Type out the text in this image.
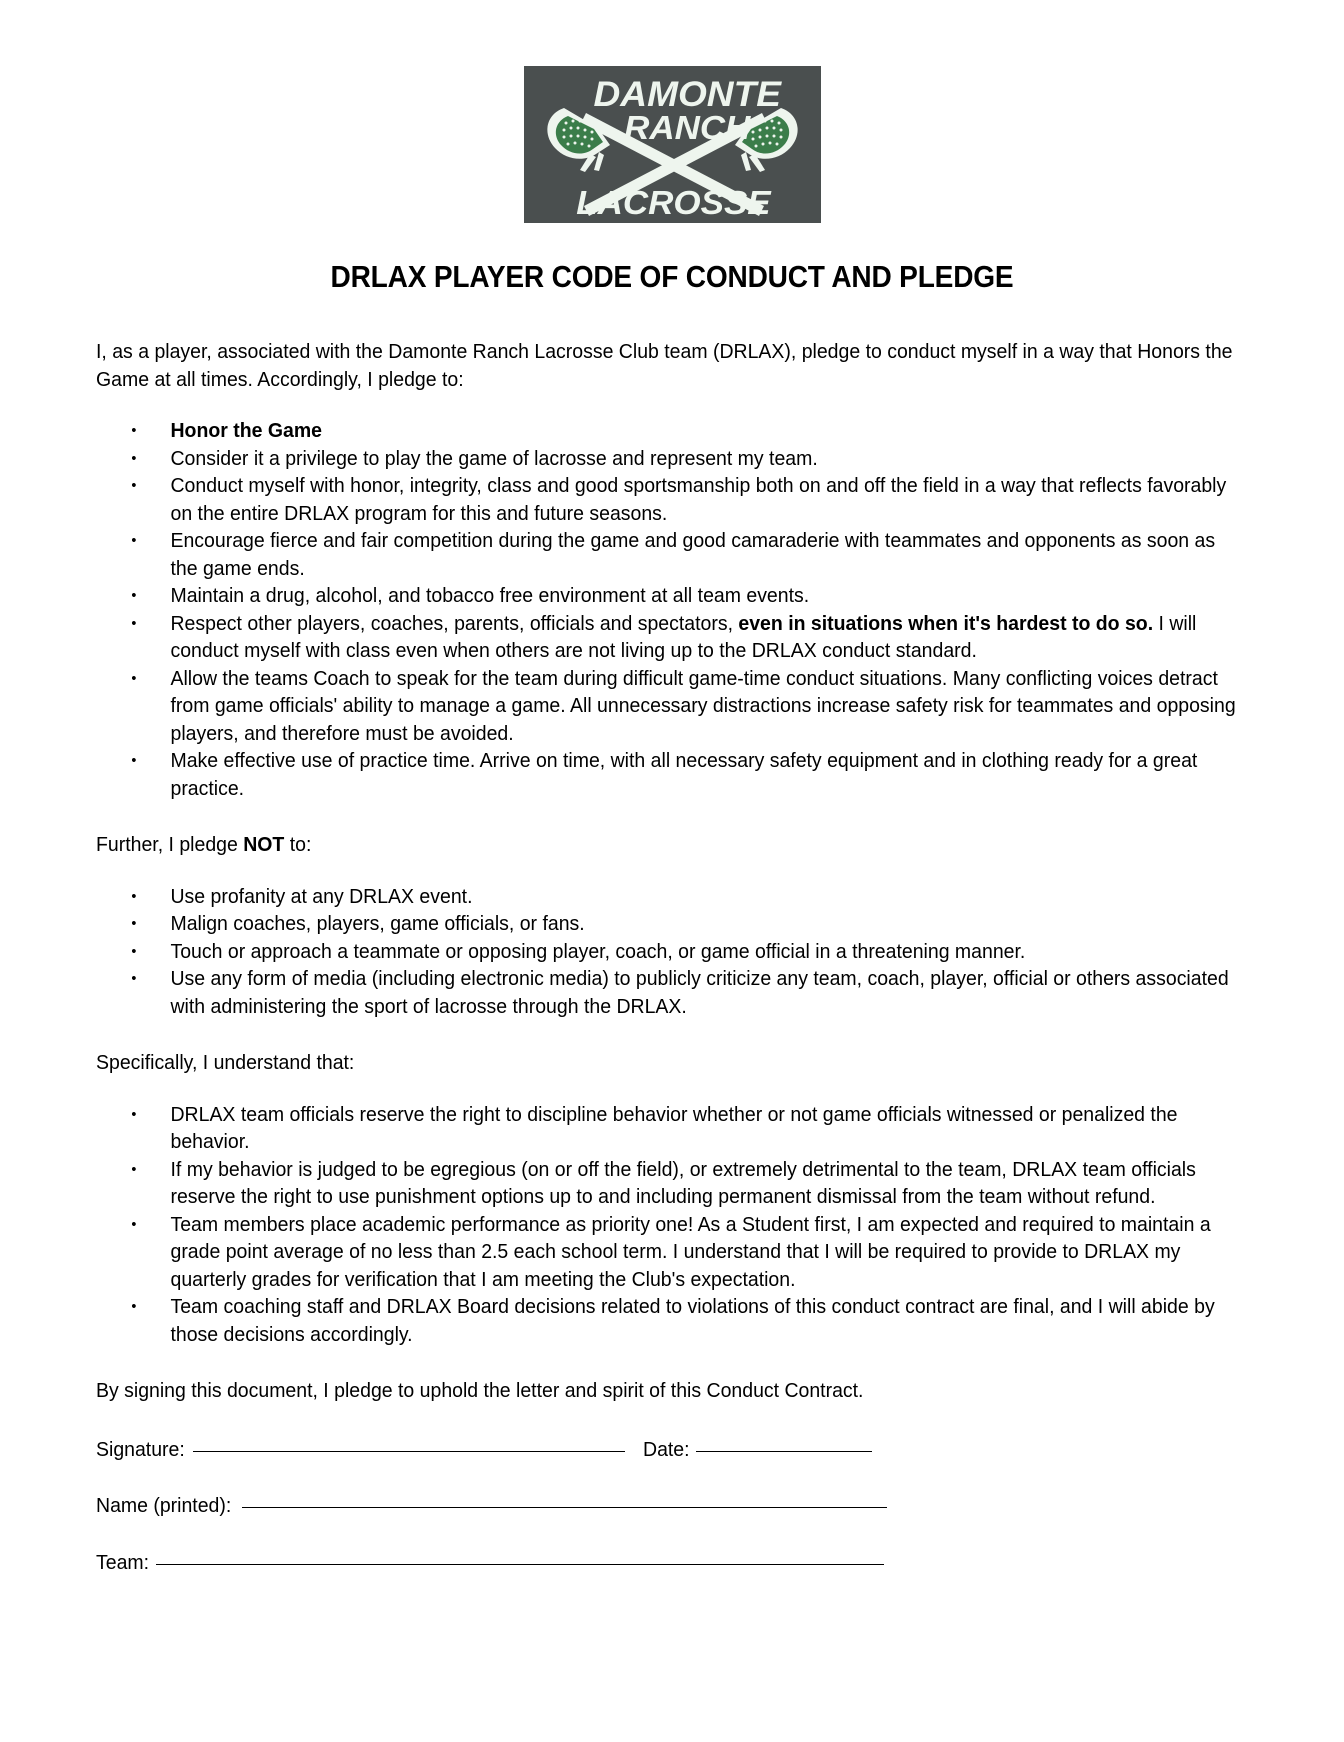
DAMONTE
RANCH
LACROSSE
DRLAX PLAYER CODE OF CONDUCT AND PLEDGE

I, as a player, associated with the Damonte Ranch Lacrosse Club team (DRLAX), pledge to conduct myself in a way that Honors the Game at all times. Accordingly, I pledge to:

• Honor the Game
• Consider it a privilege to play the game of lacrosse and represent my team.
• Conduct myself with honor, integrity, class and good sportsmanship both on and off the field in a way that reflects favorably on the entire DRLAX program for this and future seasons.
• Encourage fierce and fair competition during the game and good camaraderie with teammates and opponents as soon as the game ends.
• Maintain a drug, alcohol, and tobacco free environment at all team events.
• Respect other players, coaches, parents, officials and spectators, even in situations when it's hardest to do so. I will conduct myself with class even when others are not living up to the DRLAX conduct standard.
• Allow the teams Coach to speak for the team during difficult game-time conduct situations. Many conflicting voices detract from game officials' ability to manage a game. All unnecessary distractions increase safety risk for teammates and opposing players, and therefore must be avoided.
• Make effective use of practice time. Arrive on time, with all necessary safety equipment and in clothing ready for a great practice.

Further, I pledge NOT to:

• Use profanity at any DRLAX event.
• Malign coaches, players, game officials, or fans.
• Touch or approach a teammate or opposing player, coach, or game official in a threatening manner.
• Use any form of media (including electronic media) to publicly criticize any team, coach, player, official or others associated with administering the sport of lacrosse through the DRLAX.

Specifically, I understand that:

• DRLAX team officials reserve the right to discipline behavior whether or not game officials witnessed or penalized the behavior.
• If my behavior is judged to be egregious (on or off the field), or extremely detrimental to the team, DRLAX team officials reserve the right to use punishment options up to and including permanent dismissal from the team without refund.
• Team members place academic performance as priority one! As a Student first, I am expected and required to maintain a grade point average of no less than 2.5 each school term. I understand that I will be required to provide to DRLAX my quarterly grades for verification that I am meeting the Club's expectation.
• Team coaching staff and DRLAX Board decisions related to violations of this conduct contract are final, and I will abide by those decisions accordingly.

By signing this document, I pledge to uphold the letter and spirit of this Conduct Contract.

Signature:	Date:
Name (printed):
Team:
